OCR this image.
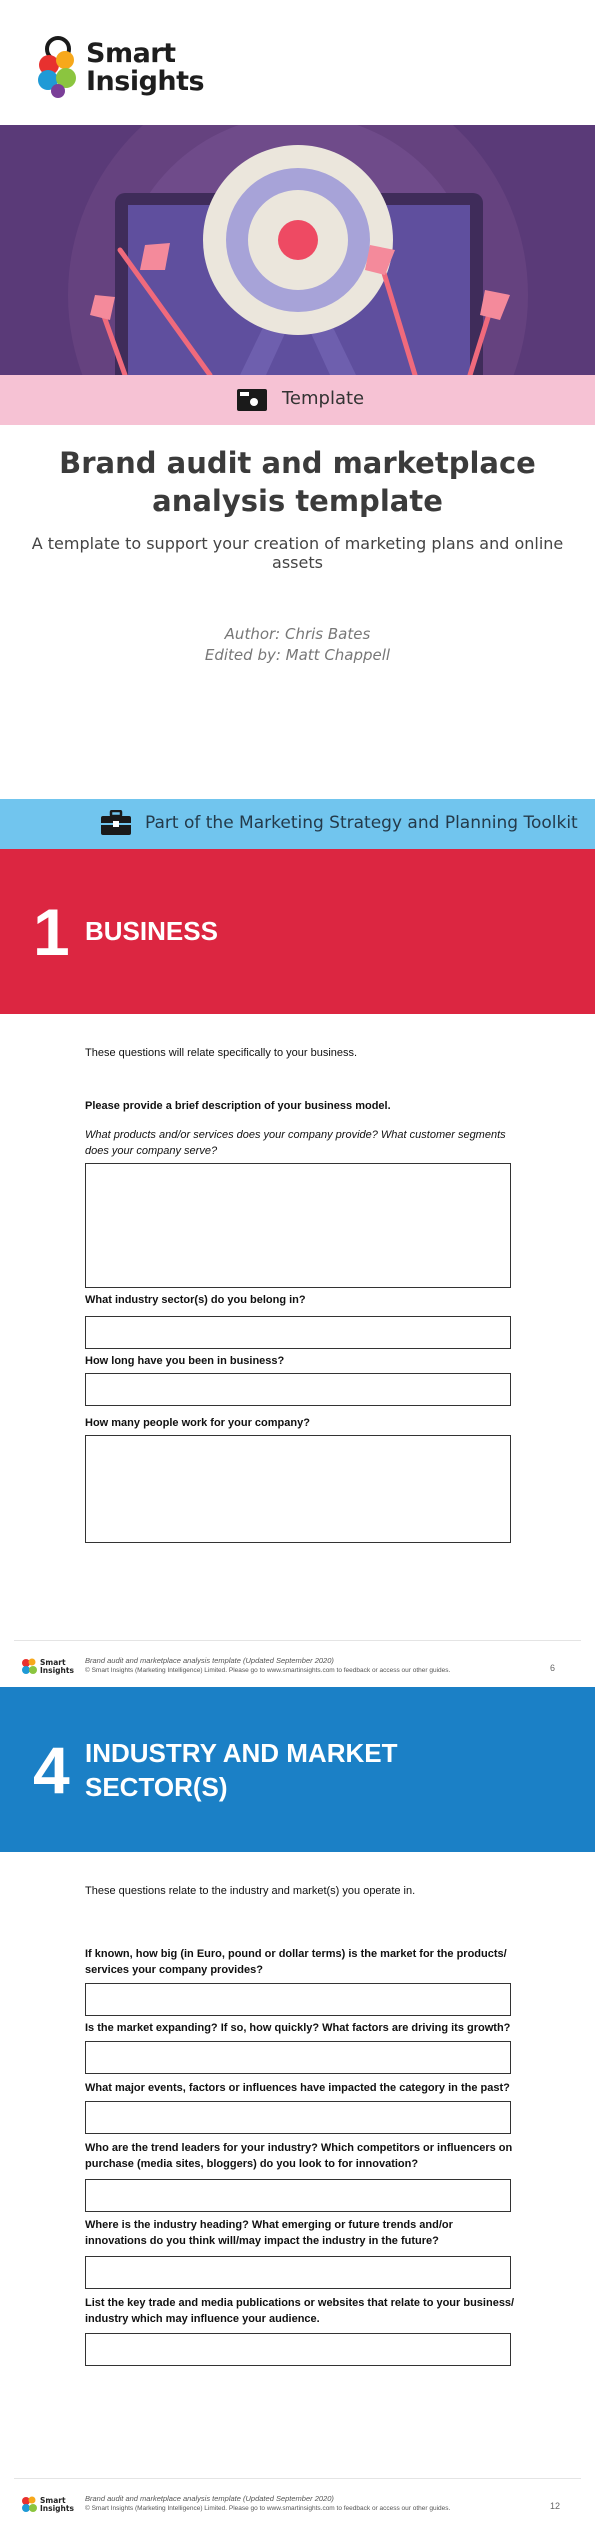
Smart
Insights
Template
Brand audit and marketplace analysis template
A template to support your creation of marketing plans and online assets
Author: Chris Bates
Edited by: Matt Chappell
Part of the Marketing Strategy and Planning Toolkit
1 BUSINESS
These questions will relate specifically to your business.
Please provide a brief description of your business model.
What products and/or services does your company provide? What customer segments does your company serve?
What industry sector(s) do you belong in?
How long have you been in business?
How many people work for your company?
Smart
Insights
Brand audit and marketplace analysis template (Updated September 2020)
© Smart Insights (Marketing Intelligence) Limited. Please go to www.smartinsights.com to feedback or access our other guides.	6
4 INDUSTRY AND MARKET
SECTOR(S)
These questions relate to the industry and market(s) you operate in.
If known, how big (in Euro, pound or dollar terms) is the market for the products/ services your company provides?
Is the market expanding? If so, how quickly? What factors are driving its growth?
What major events, factors or influences have impacted the category in the past?
Who are the trend leaders for your industry? Which competitors or influencers on purchase (media sites, bloggers) do you look to for innovation?
Where is the industry heading? What emerging or future trends and/or innovations do you think will/may impact the industry in the future?
List the key trade and media publications or websites that relate to your business/ industry which may influence your audience.
Smart
Insights
Brand audit and marketplace analysis template (Updated September 2020)
© Smart Insights (Marketing Intelligence) Limited. Please go to www.smartinsights.com to feedback or access our other guides.	12
